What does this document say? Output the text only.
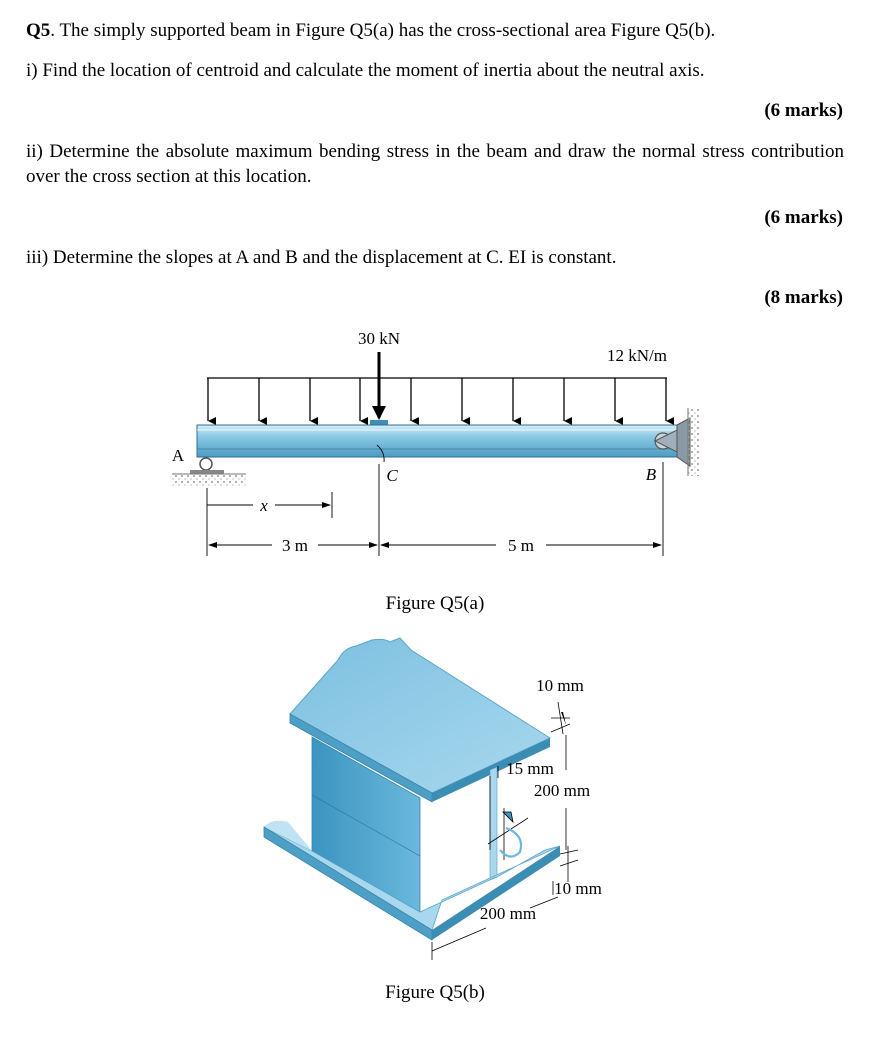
Q5. The simply supported beam in Figure Q5(a) has the cross-sectional area Figure Q5(b).
i) Find the location of centroid and calculate the moment of inertia about the neutral axis.
(6 marks)
ii) Determine the absolute maximum bending stress in the beam and draw the normal stress contribution over the cross section at this location.
(6 marks)
iii) Determine the slopes at A and B and the displacement at C. EI is constant.
(8 marks)
30 kN
12 kN/m
A
B
C
x
3 m	5 m
Figure Q5(a)
10 mm
15 mm
200 mm
10 mm
200 mm
Figure Q5(b)
